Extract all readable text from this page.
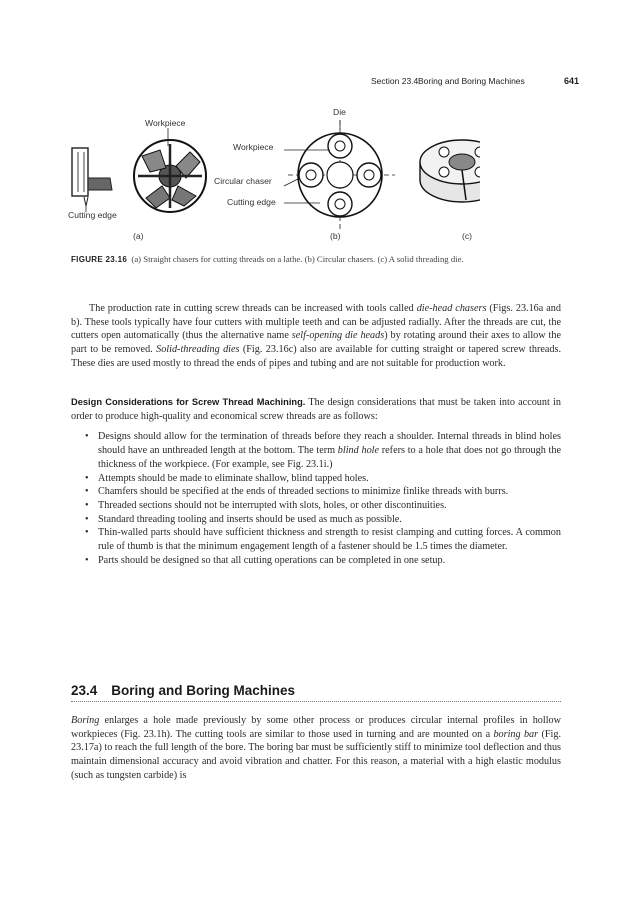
Section 23.4 Boring and Boring Machines	641
Workpiece
Cutting edge
Die
Workpiece
Circular chaser
Cutting edge
(a)	(b)	(c)
FIGURE 23.16 (a) Straight chasers for cutting threads on a lathe. (b) Circular chasers. (c) A solid threading die.

The production rate in cutting screw threads can be increased with tools called die-head chasers (Figs. 23.16a and b). These tools typically have four cutters with multiple teeth and can be adjusted radially. After the threads are cut, the cutters open automatically (thus the alternative name self-opening die heads) by rotating around their axes to allow the part to be removed. Solid-threading dies (Fig. 23.16c) also are available for cutting straight or tapered screw threads. These dies are used mostly to thread the ends of pipes and tubing and are not suitable for production work.

Design Considerations for Screw Thread Machining. The design considerations that must be taken into account in order to produce high-quality and economical screw threads are as follows:
• Designs should allow for the termination of threads before they reach a shoulder. Internal threads in blind holes should have an unthreaded length at the bottom. The term blind hole refers to a hole that does not go through the thickness of the workpiece. (For example, see Fig. 23.1i.)
• Attempts should be made to eliminate shallow, blind tapped holes.
• Chamfers should be specified at the ends of threaded sections to minimize finlike threads with burrs.
• Threaded sections should not be interrupted with slots, holes, or other discontinuities.
• Standard threading tooling and inserts should be used as much as possible.
• Thin-walled parts should have sufficient thickness and strength to resist clamping and cutting forces. A common rule of thumb is that the minimum engagement length of a fastener should be 1.5 times the diameter.
• Parts should be designed so that all cutting operations can be completed in one setup.
23.4 Boring and Boring Machines

Boring enlarges a hole made previously by some other process or produces circular internal profiles in hollow workpieces (Fig. 23.1h). The cutting tools are similar to those used in turning and are mounted on a boring bar (Fig. 23.17a) to reach the full length of the bore. The boring bar must be sufficiently stiff to minimize tool deflection and thus maintain dimensional accuracy and avoid vibration and chatter. For this reason, a material with a high elastic modulus (such as tungsten carbide) is
